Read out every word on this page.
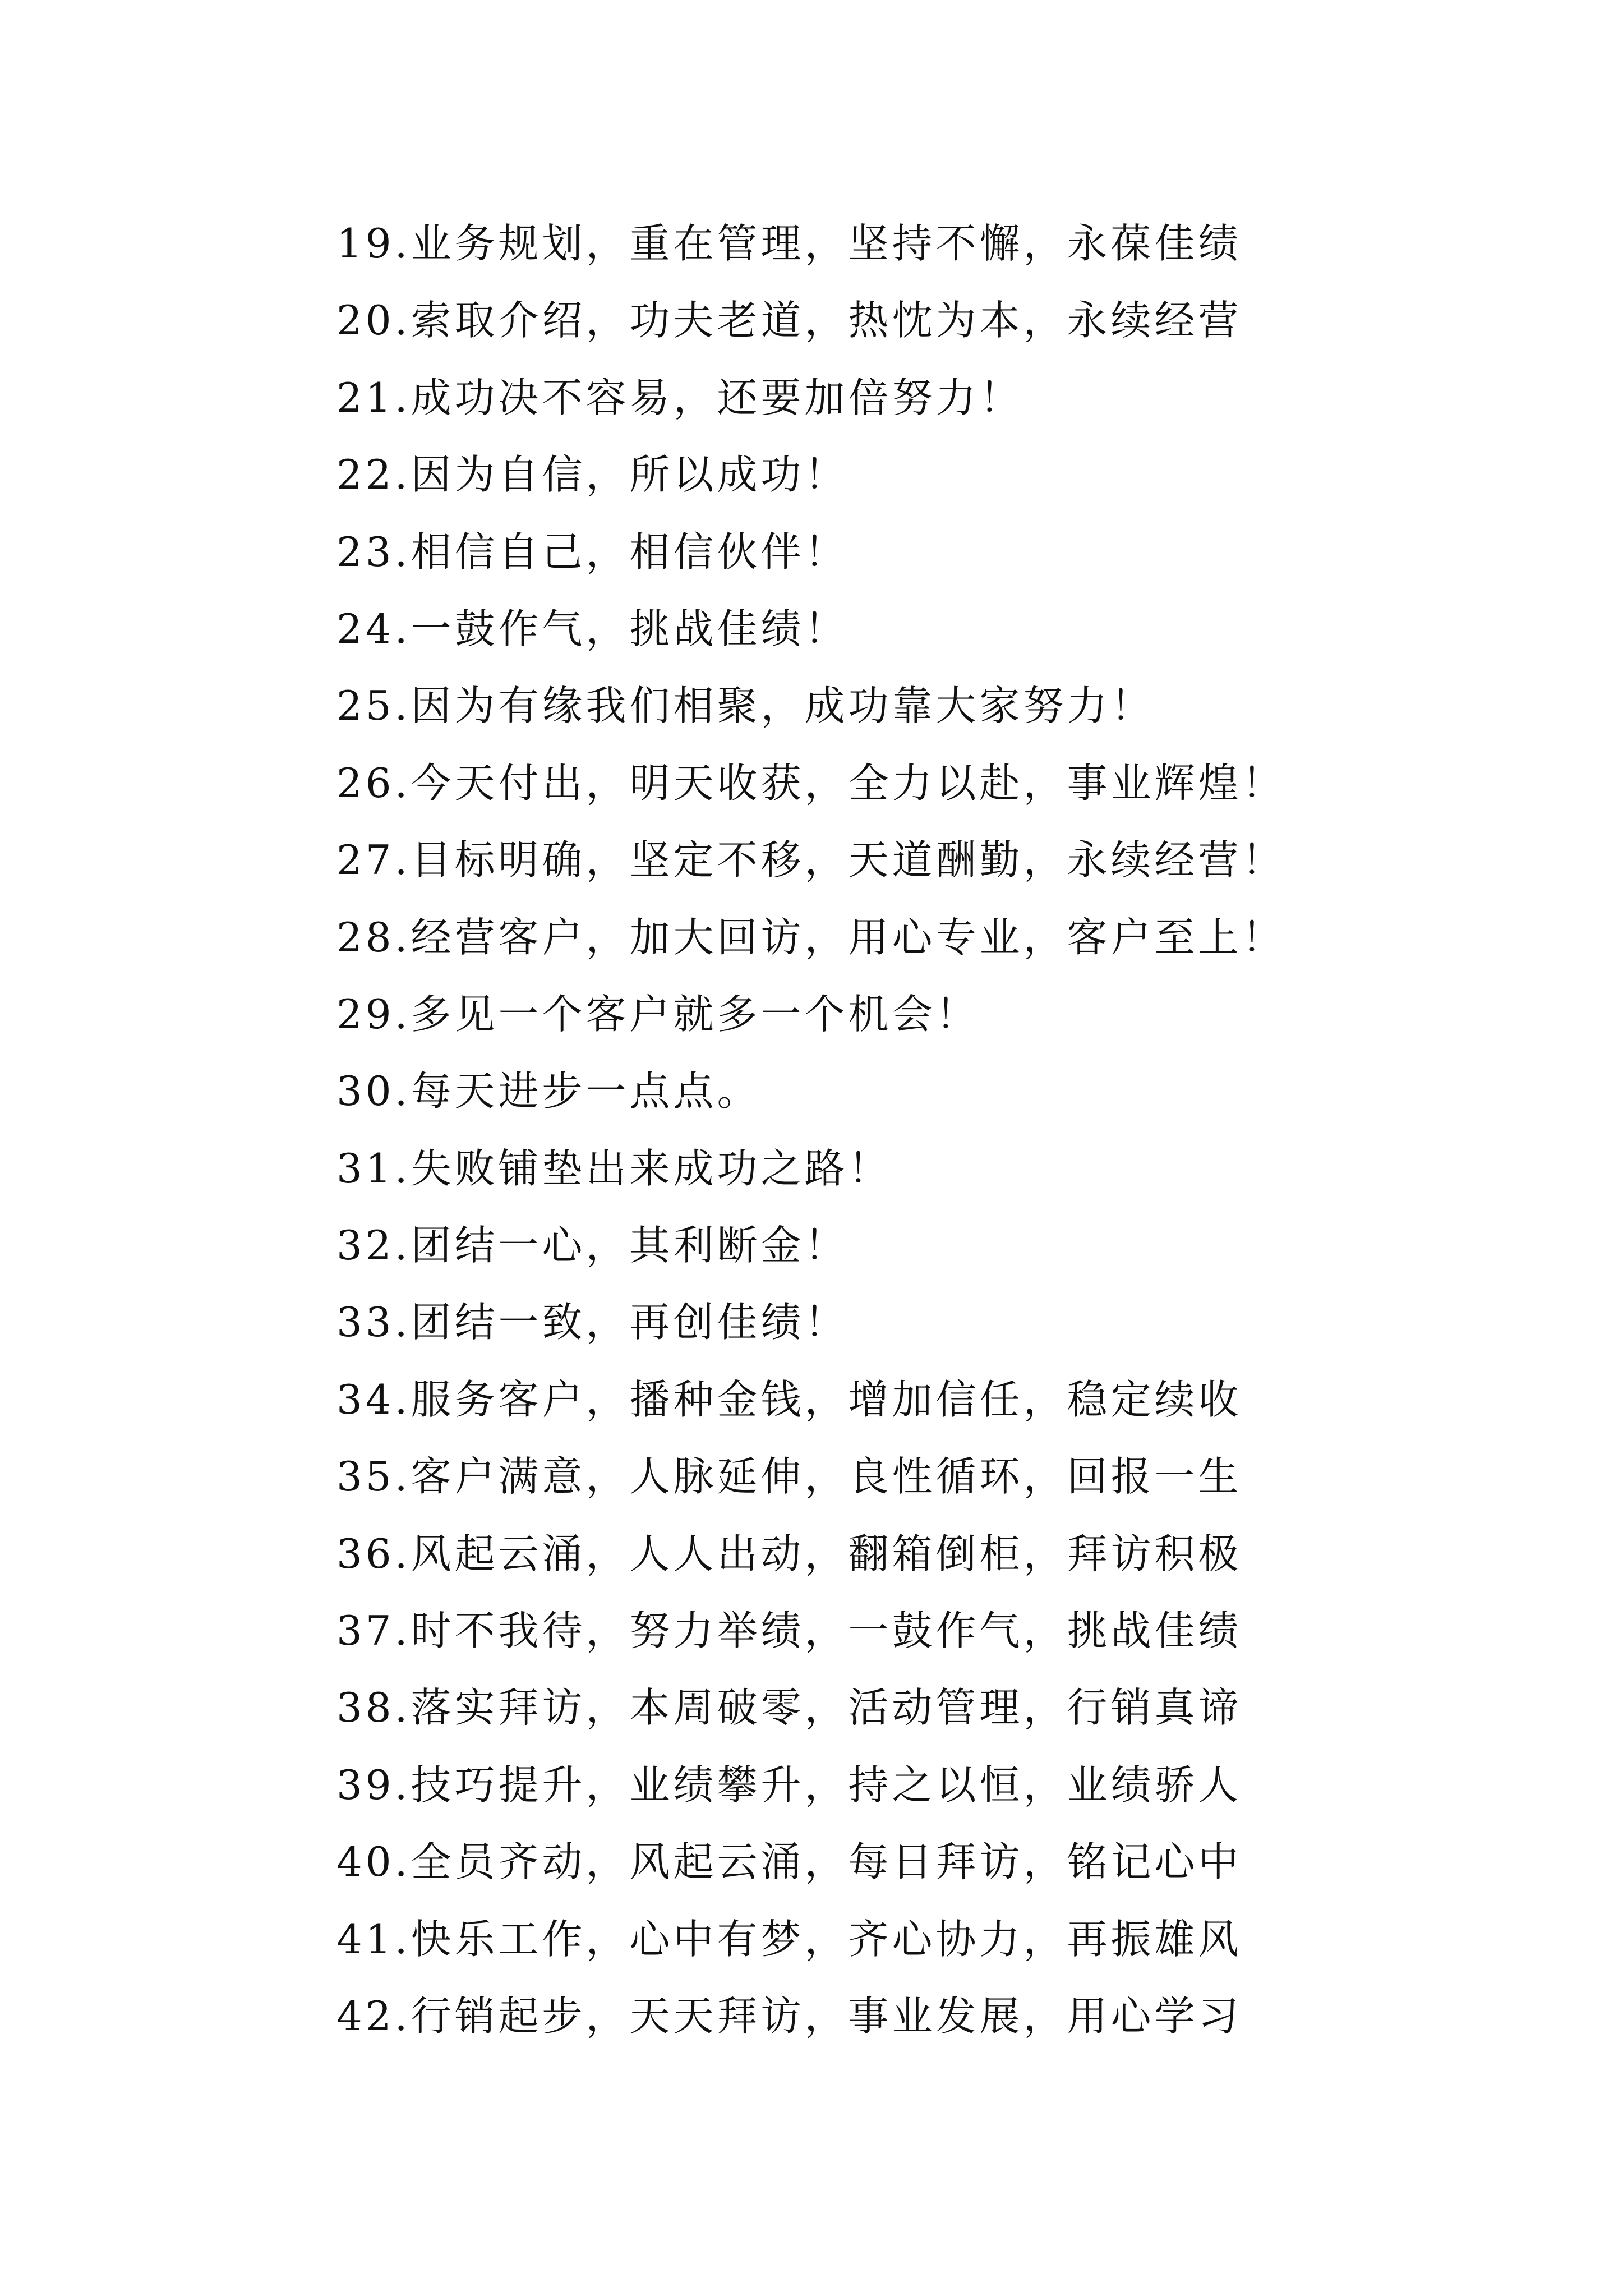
19.业务规划，重在管理，坚持不懈，永葆佳绩
20.索取介绍，功夫老道，热忱为本，永续经营
21.成功决不容易，还要加倍努力！
22.因为自信，所以成功！
23.相信自己，相信伙伴！
24.一鼓作气，挑战佳绩！
25.因为有缘我们相聚，成功靠大家努力！
26.今天付出，明天收获，全力以赴，事业辉煌！
27.目标明确，坚定不移，天道酬勤，永续经营！
28.经营客户，加大回访，用心专业，客户至上！
29.多见一个客户就多一个机会！
30.每天进步一点点。
31.失败铺垫出来成功之路！
32.团结一心，其利断金！
33.团结一致，再创佳绩！
34.服务客户，播种金钱，增加信任，稳定续收
35.客户满意，人脉延伸，良性循环，回报一生
36.风起云涌，人人出动，翻箱倒柜，拜访积极
37.时不我待，努力举绩，一鼓作气，挑战佳绩
38.落实拜访，本周破零，活动管理，行销真谛
39.技巧提升，业绩攀升，持之以恒，业绩骄人
40.全员齐动，风起云涌，每日拜访，铭记心中
41.快乐工作，心中有梦，齐心协力，再振雄风
42.行销起步，天天拜访，事业发展，用心学习
